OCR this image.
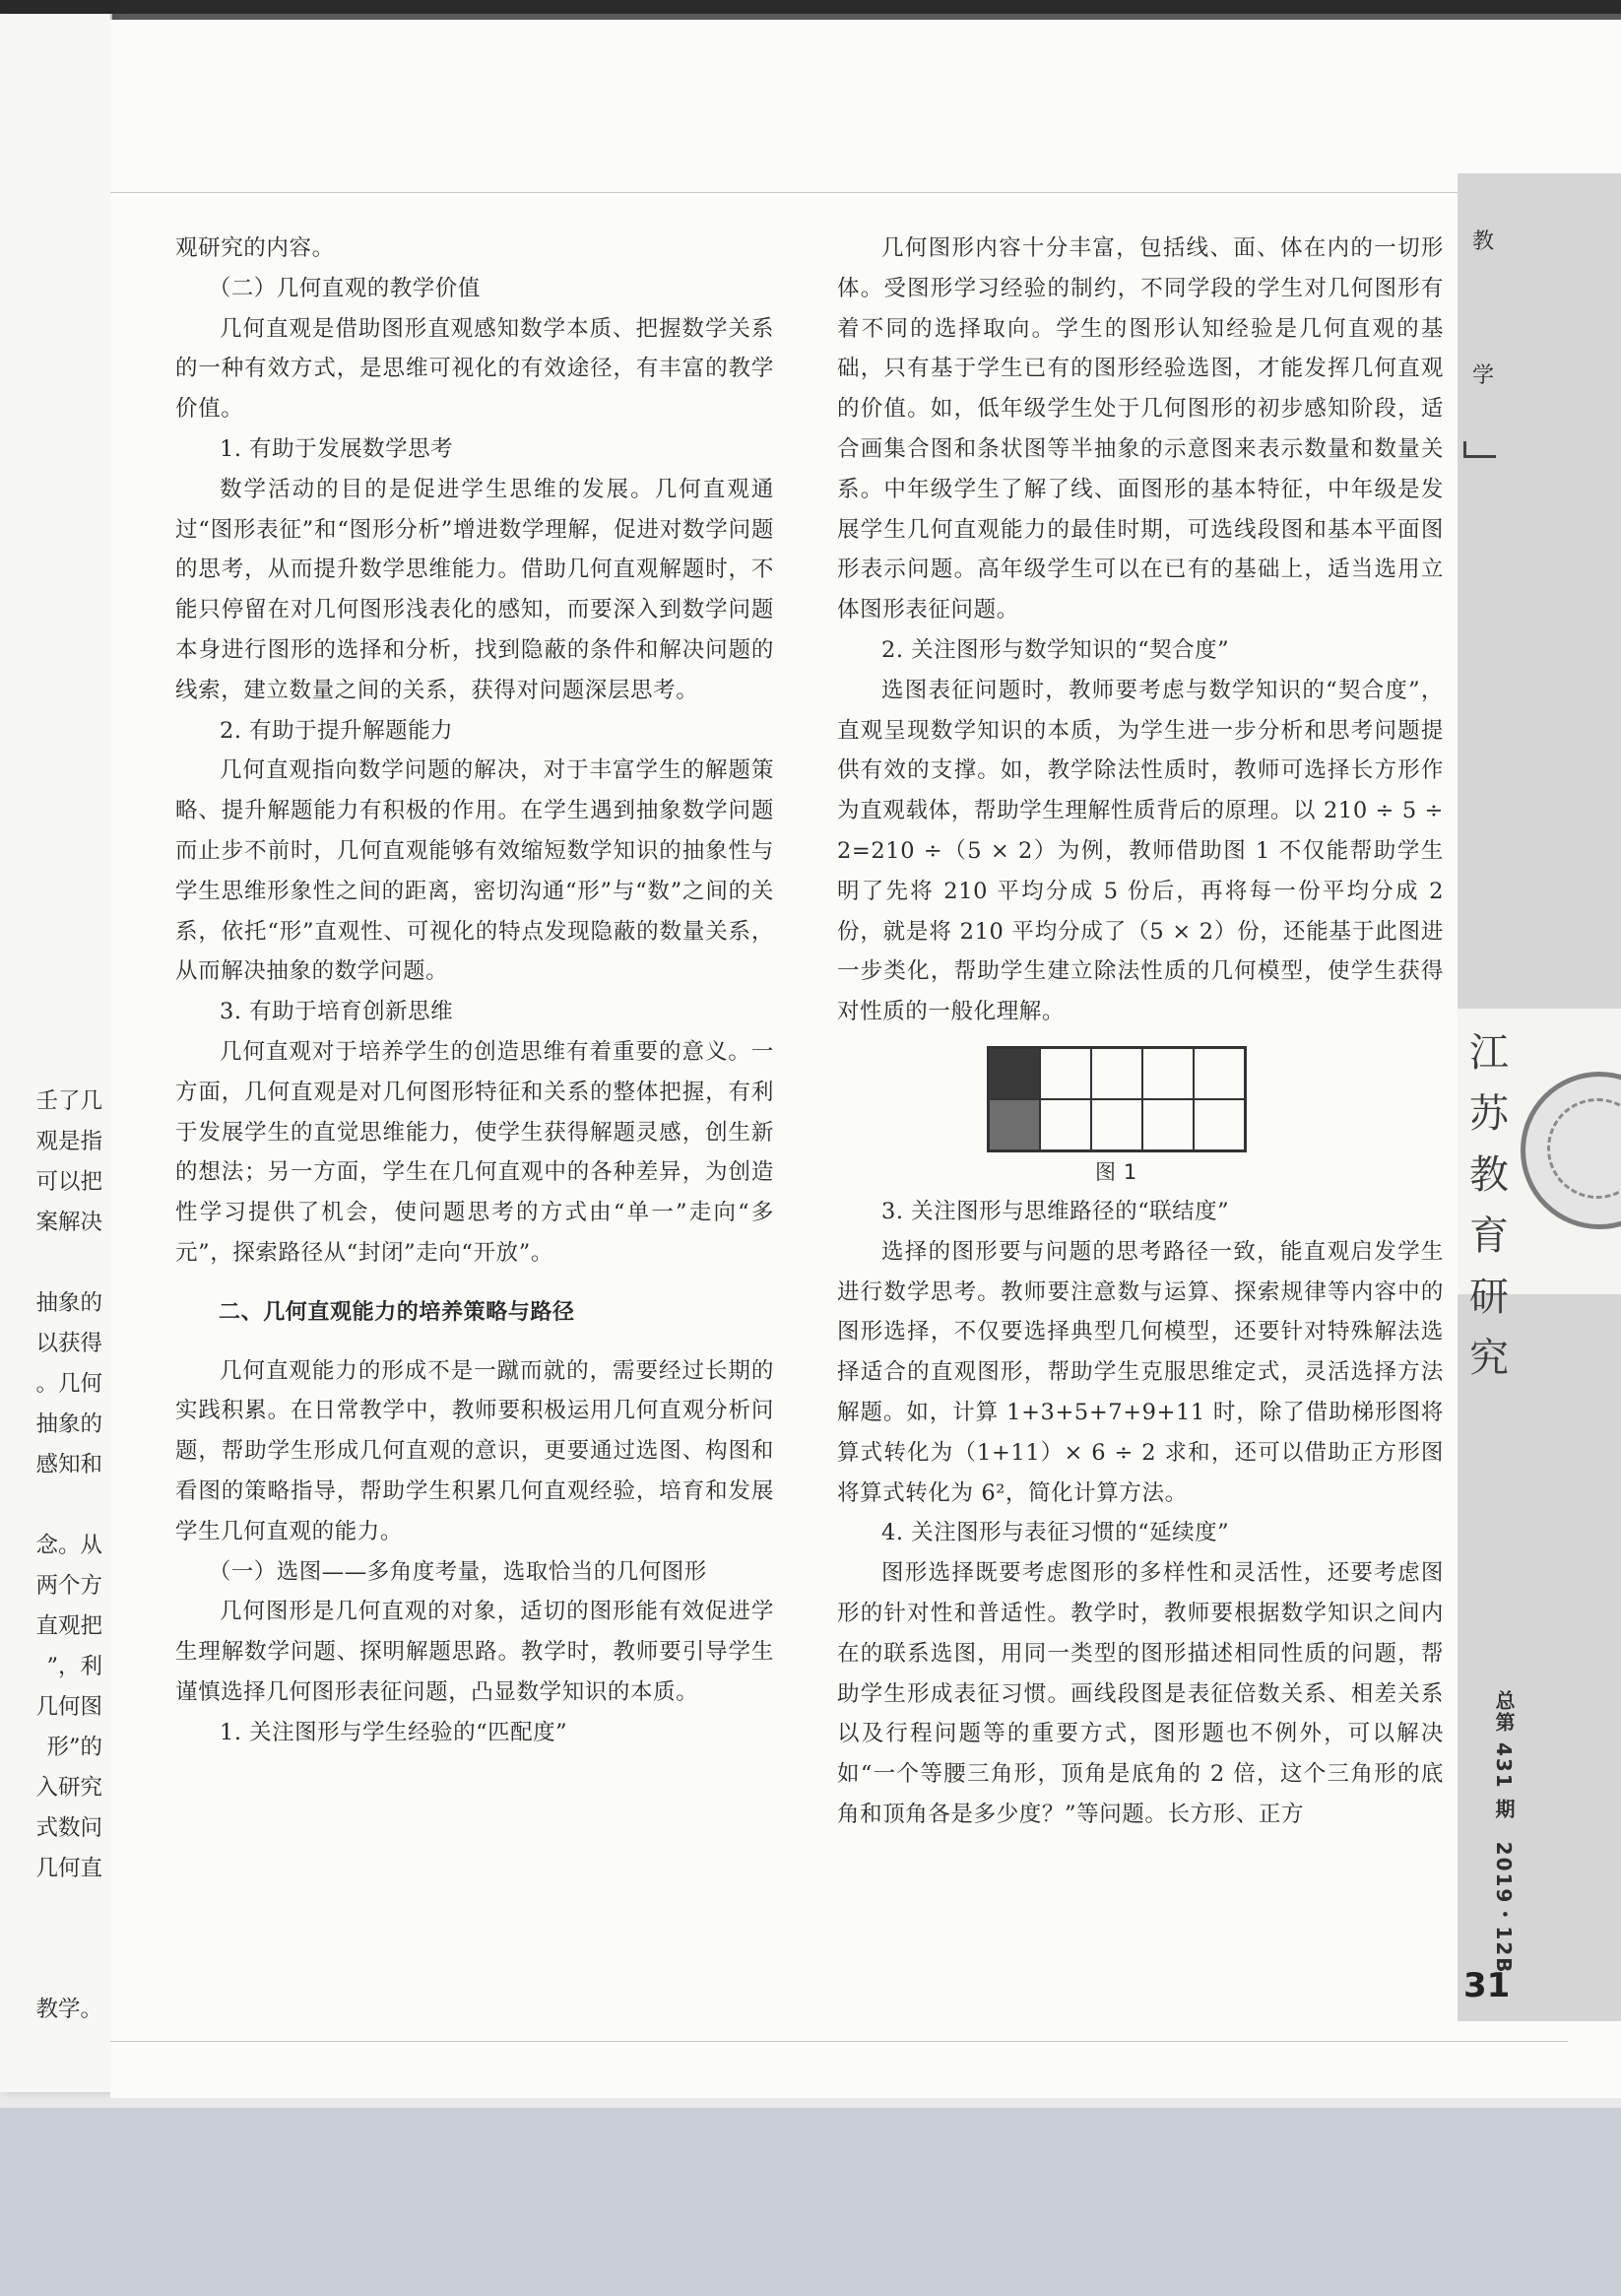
壬了几
观是指
可以把
案解决
抽象的
以获得
。几何
抽象的
感知和
念。从
两个方
直观把
”，利
几何图
形”的
入研究
式数问
几何直
教学。

观研究的内容。

（二）几何直观的教学价值

几何直观是借助图形直观感知数学本质、把握数学关系的一种有效方式，是思维可视化的有效途径，有丰富的教学价值。

1. 有助于发展数学思考

数学活动的目的是促进学生思维的发展。几何直观通过“图形表征”和“图形分析”增进数学理解，促进对数学问题的思考，从而提升数学思维能力。借助几何直观解题时，不能只停留在对几何图形浅表化的感知，而要深入到数学问题本身进行图形的选择和分析，找到隐蔽的条件和解决问题的线索，建立数量之间的关系，获得对问题深层思考。

2. 有助于提升解题能力

几何直观指向数学问题的解决，对于丰富学生的解题策略、提升解题能力有积极的作用。在学生遇到抽象数学问题而止步不前时，几何直观能够有效缩短数学知识的抽象性与学生思维形象性之间的距离，密切沟通“形”与“数”之间的关系，依托“形”直观性、可视化的特点发现隐蔽的数量关系，从而解决抽象的数学问题。

3. 有助于培育创新思维

几何直观对于培养学生的创造思维有着重要的意义。一方面，几何直观是对几何图形特征和关系的整体把握，有利于发展学生的直觉思维能力，使学生获得解题灵感，创生新的想法；另一方面，学生在几何直观中的各种差异，为创造性学习提供了机会，使问题思考的方式由“单一”走向“多元”，探索路径从“封闭”走向“开放”。

二、几何直观能力的培养策略与路径

几何直观能力的形成不是一蹴而就的，需要经过长期的实践积累。在日常教学中，教师要积极运用几何直观分析问题，帮助学生形成几何直观的意识，更要通过选图、构图和看图的策略指导，帮助学生积累几何直观经验，培育和发展学生几何直观的能力。

（一）选图——多角度考量，选取恰当的几何图形

几何图形是几何直观的对象，适切的图形能有效促进学生理解数学问题、探明解题思路。教学时，教师要引导学生谨慎选择几何图形表征问题，凸显数学知识的本质。

1. 关注图形与学生经验的“匹配度”

几何图形内容十分丰富，包括线、面、体在内的一切形体。受图形学习经验的制约，不同学段的学生对几何图形有着不同的选择取向。学生的图形认知经验是几何直观的基础，只有基于学生已有的图形经验选图，才能发挥几何直观的价值。如，低年级学生处于几何图形的初步感知阶段，适合画集合图和条状图等半抽象的示意图来表示数量和数量关系。中年级学生了解了线、面图形的基本特征，中年级是发展学生几何直观能力的最佳时期，可选线段图和基本平面图形表示问题。高年级学生可以在已有的基础上，适当选用立体图形表征问题。

2. 关注图形与数学知识的“契合度”

选图表征问题时，教师要考虑与数学知识的“契合度”，直观呈现数学知识的本质，为学生进一步分析和思考问题提供有效的支撑。如，教学除法性质时，教师可选择长方形作为直观载体，帮助学生理解性质背后的原理。以 210 ÷ 5 ÷ 2=210 ÷（5 × 2）为例，教师借助图 1 不仅能帮助学生明了先将 210 平均分成 5 份后，再将每一份平均分成 2 份，就是将 210 平均分成了（5 × 2）份，还能基于此图进一步类化，帮助学生建立除法性质的几何模型，使学生获得对性质的一般化理解。

图 1

3. 关注图形与思维路径的“联结度”

选择的图形要与问题的思考路径一致，能直观启发学生进行数学思考。教师要注意数与运算、探索规律等内容中的图形选择，不仅要选择典型几何模型，还要针对特殊解法选择适合的直观图形，帮助学生克服思维定式，灵活选择方法解题。如，计算 1+3+5+7+9+11 时，除了借助梯形图将算式转化为（1+11）× 6 ÷ 2 求和，还可以借助正方形图将算式转化为 6²，简化计算方法。

4. 关注图形与表征习惯的“延续度”

图形选择既要考虑图形的多样性和灵活性，还要考虑图形的针对性和普适性。教学时，教师要根据数学知识之间内在的联系选图，用同一类型的图形描述相同性质的问题，帮助学生形成表征习惯。画线段图是表征倍数关系、相差关系以及行程问题等的重要方式，图形题也不例外，可以解决如“一个等腰三角形，顶角是底角的 2 倍，这个三角形的底角和顶角各是多少度？”等问题。长方形、正方

教
学
江苏教育研究
总第 431 期　2019・12B
31
